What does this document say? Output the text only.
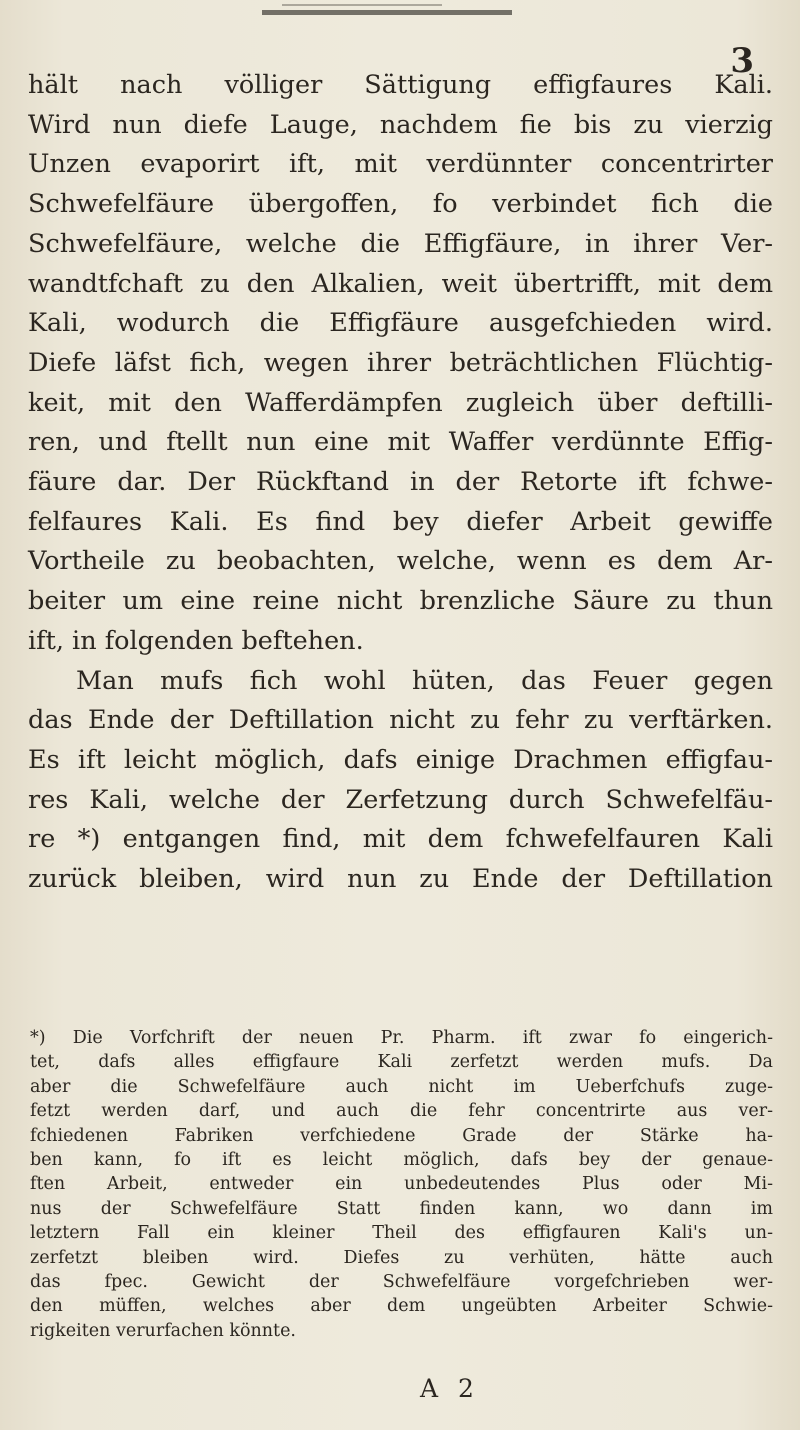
3
hält nach völliger Sättigung effigfaures Kali.
Wird nun diefe Lauge, nachdem fie bis zu vierzig
Unzen evaporirt ift, mit verdünnter concentrirter
Schwefelfäure übergoffen, fo verbindet fich die
Schwefelfäure, welche die Effigfäure, in ihrer Ver-
wandtfchaft zu den Alkalien, weit übertrifft, mit dem
Kali, wodurch die Effigfäure ausgefchieden wird.
Diefe läfst fich, wegen ihrer beträchtlichen Flüchtig-
keit, mit den Wafferdämpfen zugleich über deftilli-
ren, und ftellt nun eine mit Waffer verdünnte Effig-
fäure dar. Der Rückftand in der Retorte ift fchwe-
felfaures Kali. Es find bey diefer Arbeit gewiffe
Vortheile zu beobachten, welche, wenn es dem Ar-
beiter um eine reine nicht brenzliche Säure zu thun
ift, in folgenden beftehen.
Man mufs fich wohl hüten, das Feuer gegen
das Ende der Deftillation nicht zu fehr zu verftärken.
Es ift leicht möglich, dafs einige Drachmen effigfau-
res Kali, welche der Zerfetzung durch Schwefelfäu-
re *) entgangen find, mit dem fchwefelfauren Kali
zurück bleiben, wird nun zu Ende der Deftillation
*) Die Vorfchrift der neuen Pr. Pharm. ift zwar fo eingerich-
tet, dafs alles effigfaure Kali zerfetzt werden mufs. Da
aber die Schwefelfäure auch nicht im Ueberfchufs zuge-
fetzt werden darf, und auch die fehr concentrirte aus ver-
fchiedenen Fabriken verfchiedene Grade der Stärke ha-
ben kann, fo ift es leicht möglich, dafs bey der genaue-
ften Arbeit, entweder ein unbedeutendes Plus oder Mi-
nus der Schwefelfäure Statt finden kann, wo dann im
letztern Fall ein kleiner Theil des effigfauren Kali's un-
zerfetzt bleiben wird. Diefes zu verhüten, hätte auch
das fpec. Gewicht der Schwefelfäure vorgefchrieben wer-
den müffen, welches aber dem ungeübten Arbeiter Schwie-
rigkeiten verurfachen könnte.
A 2
